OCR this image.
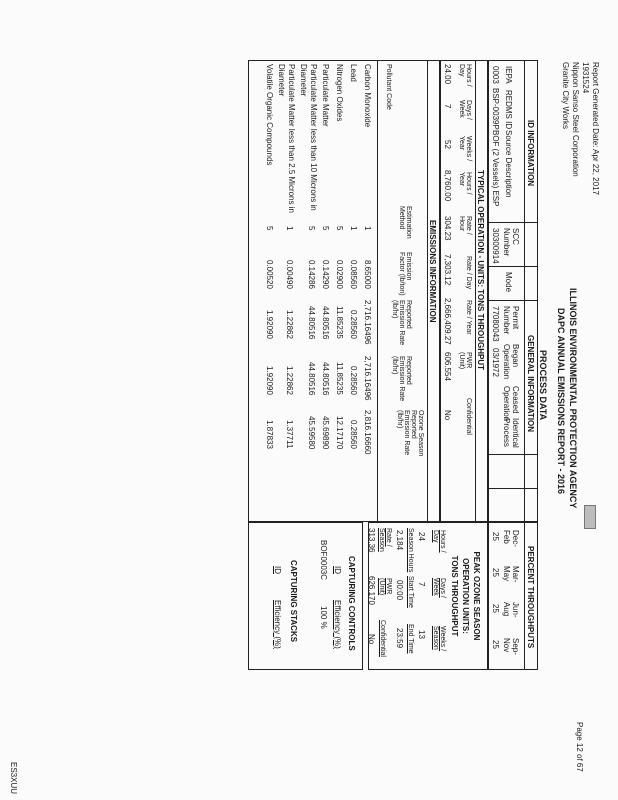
Report Generated Date: Apr 22, 2017
1931524
Nippon Sanso Steel Corporation
Granite City Works
ILLINOIS ENVIRONMENTAL PROTECTION AGENCY
DAPC ANNUAL EMISSIONS REPORT - 2016
PROCESS DATA
Page 12 of 67
ID INFORMATION
GENERAL INFORMATION
IEPA
REDMS ID
Source Description
SCC Number
Mode
Permit Number
Began Operation
Ceased Operation
Identical Process
0003
BSP-0039P
BOF (2 Vessels) ESP
30300914
77080043
03/1972
PERCENT THROUGHPUTS
Dec-Feb
Mar-May
Jun-Aug
Sep-Nov
25
25
25
25
TYPICAL OPERATION - UNITS: TONS THROUGHPUT
Hours / Day
Days / Week
Weeks / Year
Hours / Year
Rate / Hour
Rate / Day
Rate / Year
PWR (Unit)
Confidential
24.00
7
52
8,760.00
304.23
7,303.12
2,666,409.27
606.554
No
EMISSIONS INFORMATION
Pollutant Code
Estimation Method
Emission Factor (lb/ton)
Reported Emission Rate (lb/hr)
Reported Emission Rate (lb/hr)
Ozone Season Reported Emission Rate (lb/hr)
Carbon Monoxide
1
8.65000
2,716.16496
2,716.16496
2,816.16660
Lead
1
0.08560
0.28560
0.28560
0.28560
Nitrogen Oxides
5
0.02900
11.85235
11.85235
12.17170
Particulate Matter
5
0.14290
44.80516
44.80516
45.69890
Particulate Matter less than 10 Microns in Diameter
5
0.14286
44.80516
44.80516
45.59580
Particulate Matter less than 2.5 Microns in Diameter
1
0.00490
1.22862
1.22862
1.37711
Volatile Organic Compounds
5
0.00520
1.92090
1.92090
1.87833
PEAK OZONE SEASON
OPERATION UNITS:
TONS THROUGHPUT
Hours / Day
Days / Week
Weeks / Season
24
7
13
Season Hours
Start Time
End Time
2,184
00:00
23:59
Rate / Season
PWR (Unit)
Confidential
313.36
626,170
No
CAPTURING CONTROLS
ID
Efficiency (%)
BOF0003C
100 %
CAPTURING STACKS
ID
Efficiency (%)
ES3XUU
